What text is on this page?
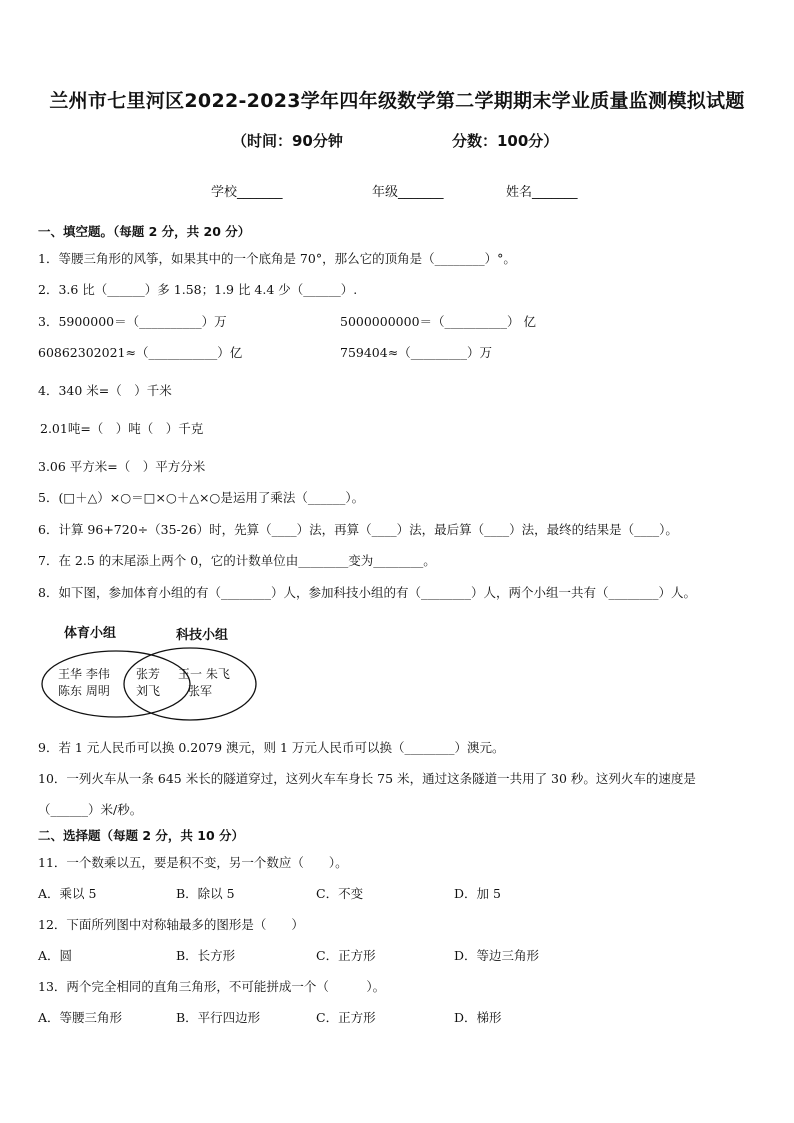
兰州市七里河区2022-2023学年四年级数学第二学期期末学业质量监测模拟试题
（时间：90分钟	分数：100分）
学校_______	年级_______	姓名_______
一、填空题。（每题 2 分，共 20 分）
1．等腰三角形的风筝，如果其中的一个底角是 70°，那么它的顶角是（________）°。
2．3.6 比（______）多 1.58；1.9 比 4.4 少（______）.
3．5900000＝（__________）万	5000000000＝（__________） 亿
60862302021≈（___________）亿	759404≈（_________）万
4．340 米=（　）千米
2.01吨=（　）吨（　）千克
3.06 平方米=（　）平方分米
5．(□＋△）×○＝□×○＋△×○是运用了乘法（______）。
6．计算 96+720÷（35-26）时，先算（____）法，再算（____）法，最后算（____）法，最终的结果是（____）。
7．在 2.5 的末尾添上两个 0，它的计数单位由________变为________。
8．如下图，参加体育小组的有（________）人，参加科技小组的有（________）人，两个小组一共有（________）人。
体育小组	科技小组
王华 李伟
陈东 周明
张芳
刘飞
王一 朱飞
张军
9．若 1 元人民币可以换 0.2079 澳元，则 1 万元人民币可以换（________）澳元。
10．一列火车从一条 645 米长的隧道穿过，这列火车车身长 75 米，通过这条隧道一共用了 30 秒。这列火车的速度是
（______）米/秒。
二、选择题（每题 2 分，共 10 分）
11．一个数乘以五，要是积不变，另一个数应（　　）。
A．乘以 5	B．除以 5	C．不变	D．加 5
12．下面所列图中对称轴最多的图形是（　　）
A．圆	B．长方形	C．正方形	D．等边三角形
13．两个完全相同的直角三角形，不可能拼成一个（　　　）。
A．等腰三角形	B．平行四边形	C．正方形	D．梯形
